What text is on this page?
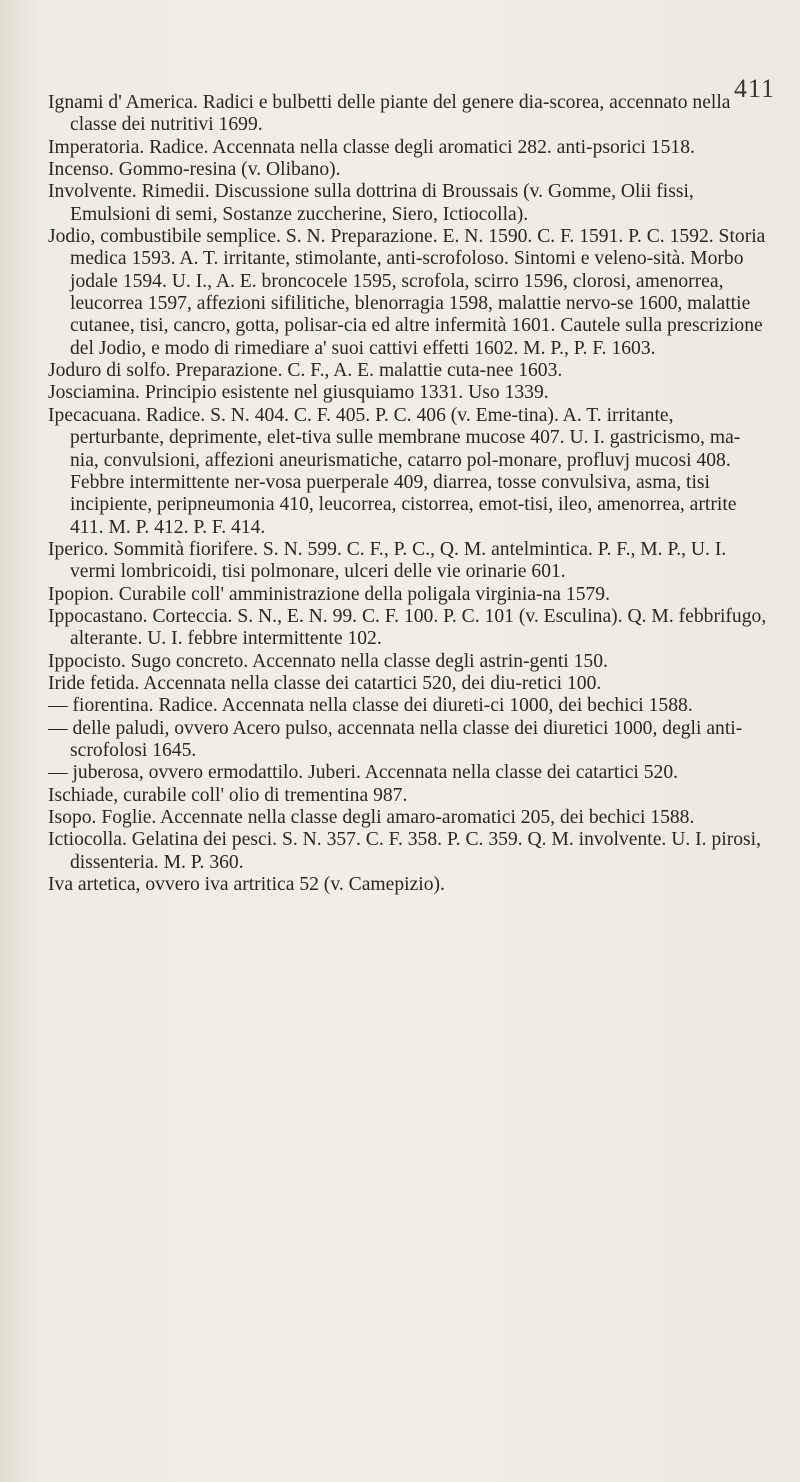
411

Ignami d' America. Radici e bulbetti delle piante del genere dia-scorea, accennato nella classe dei nutritivi 1699.

Imperatoria. Radice. Accennata nella classe degli aromatici 282. anti-psorici 1518.

Incenso. Gommo-resina (v. Olibano).

Involvente. Rimedii. Discussione sulla dottrina di Broussais (v. Gomme, Olii fissi, Emulsioni di semi, Sostanze zuccherine, Siero, Ictiocolla).

Jodio, combustibile semplice. S. N. Preparazione. E. N. 1590. C. F. 1591. P. C. 1592. Storia medica 1593. A. T. irritante, stimolante, anti-scrofoloso. Sintomi e veleno-sità. Morbo jodale 1594. U. I., A. E. broncocele 1595, scrofola, scirro 1596, clorosi, amenorrea, leucorrea 1597, affezioni sifilitiche, blenorragia 1598, malattie nervo-se 1600, malattie cutanee, tisi, cancro, gotta, polisar-cia ed altre infermità 1601. Cautele sulla prescrizione del Jodio, e modo di rimediare a' suoi cattivi effetti 1602. M. P., P. F. 1603.

Joduro di solfo. Preparazione. C. F., A. E. malattie cuta-nee 1603.

Josciamina. Principio esistente nel giusquiamo 1331. Uso 1339.

Ipecacuana. Radice. S. N. 404. C. F. 405. P. C. 406 (v. Eme-tina). A. T. irritante, perturbante, deprimente, elet-tiva sulle membrane mucose 407. U. I. gastricismo, ma-nia, convulsioni, affezioni aneurismatiche, catarro pol-monare, profluvj mucosi 408. Febbre intermittente ner-vosa puerperale 409, diarrea, tosse convulsiva, asma, tisi incipiente, peripneumonia 410, leucorrea, cistorrea, emot-tisi, ileo, amenorrea, artrite 411. M. P. 412. P. F. 414.

Iperico. Sommità fiorifere. S. N. 599. C. F., P. C., Q. M. antelmintica. P. F., M. P., U. I. vermi lombricoidi, tisi polmonare, ulceri delle vie orinarie 601.

Ipopion. Curabile coll' amministrazione della poligala virginia-na 1579.

Ippocastano. Corteccia. S. N., E. N. 99. C. F. 100. P. C. 101 (v. Esculina). Q. M. febbrifugo, alterante. U. I. febbre intermittente 102.

Ippocisto. Sugo concreto. Accennato nella classe degli astrin-genti 150.

Iride fetida. Accennata nella classe dei catartici 520, dei diu-retici 100.

— fiorentina. Radice. Accennata nella classe dei diureti-ci 1000, dei bechici 1588.

— delle paludi, ovvero Acero pulso, accennata nella classe dei diuretici 1000, degli anti-scrofolosi 1645.

— juberosa, ovvero ermodattilo. Juberi. Accennata nella classe dei catartici 520.

Ischiade, curabile coll' olio di trementina 987.

Isopo. Foglie. Accennate nella classe degli amaro-aromatici 205, dei bechici 1588.

Ictiocolla. Gelatina dei pesci. S. N. 357. C. F. 358. P. C. 359. Q. M. involvente. U. I. pirosi, dissenteria. M. P. 360.

Iva artetica, ovvero iva artritica 52 (v. Camepizio).
